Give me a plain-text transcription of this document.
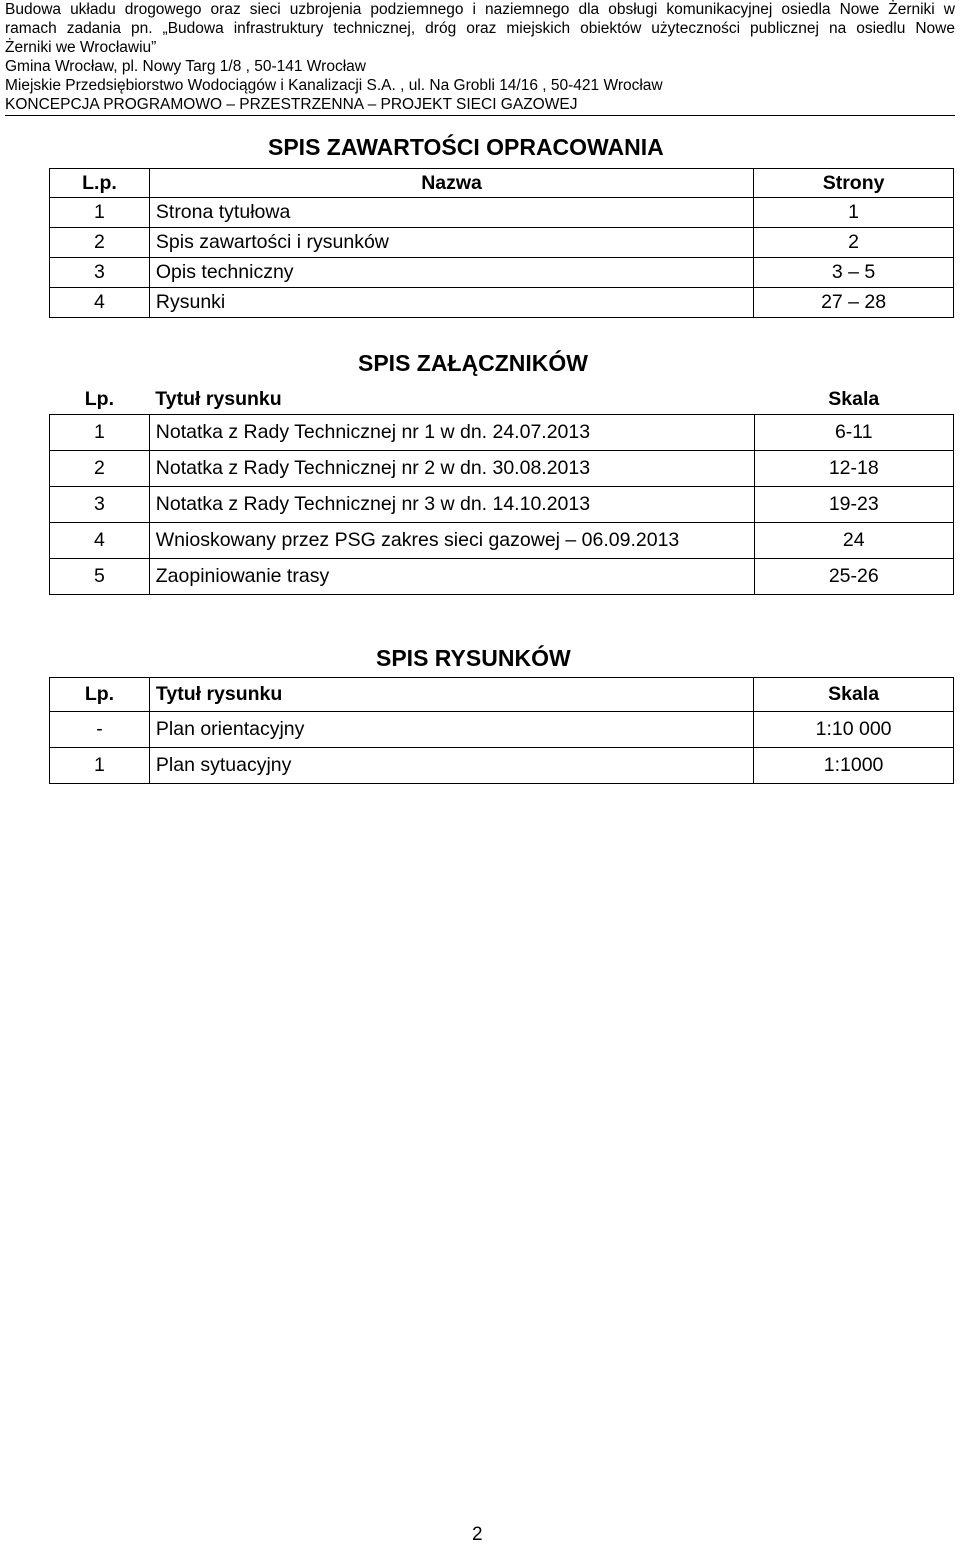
Budowa układu drogowego oraz sieci uzbrojenia podziemnego i naziemnego dla obsługi komunikacyjnej osiedla Nowe Żerniki w
ramach zadania pn. „Budowa infrastruktury technicznej, dróg oraz miejskich obiektów użyteczności publicznej na osiedlu Nowe
Żerniki we Wrocławiu”
Gmina Wrocław, pl. Nowy Targ 1/8 , 50-141 Wrocław
Miejskie Przedsiębiorstwo Wodociągów i Kanalizacji S.A. , ul. Na Grobli 14/16 , 50-421 Wrocław
KONCEPCJA PROGRAMOWO – PRZESTRZENNA – PROJEKT SIECI GAZOWEJ
SPIS ZAWARTOŚCI OPRACOWANIA
L.p.	Nazwa	Strony
1	Strona tytułowa	1
2	Spis zawartości i rysunków	2
3	Opis techniczny	3 – 5
4	Rysunki	27 – 28
SPIS ZAŁĄCZNIKÓW
Lp.	Tytuł rysunku	Skala
1	Notatka z Rady Technicznej nr 1 w dn. 24.07.2013	6-11
2	Notatka z Rady Technicznej nr 2 w dn. 30.08.2013	12-18
3	Notatka z Rady Technicznej nr 3 w dn. 14.10.2013	19-23
4	Wnioskowany przez PSG zakres sieci gazowej – 06.09.2013	24
5	Zaopiniowanie trasy	25-26
SPIS RYSUNKÓW
Lp.	Tytuł rysunku	Skala
-	Plan orientacyjny	1:10 000
1	Plan sytuacyjny	1:1000
2
